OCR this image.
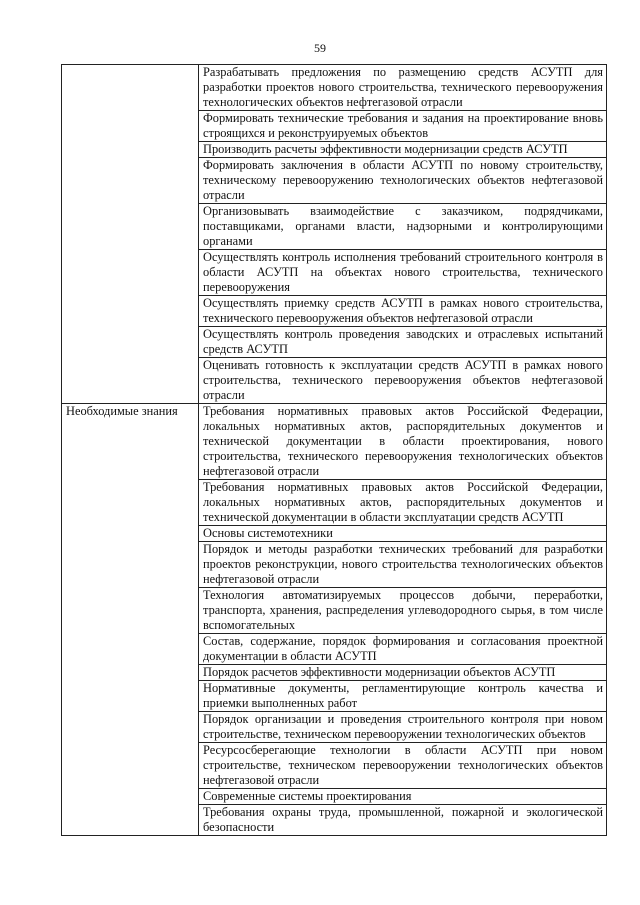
59
	Разрабатывать предложения по размещению средств АСУТП для разработки проектов нового строительства, технического перевооружения технологических объектов нефтегазовой отрасли
	Формировать технические требования и задания на проектирование вновь строящихся и реконструируемых объектов
	Производить расчеты эффективности модернизации средств АСУТП
	Формировать заключения в области АСУТП по новому строительству, техническому перевооружению технологических объектов нефтегазовой отрасли
	Организовывать взаимодействие с заказчиком, подрядчиками, поставщиками, органами власти, надзорными и контролирующими органами
	Осуществлять контроль исполнения требований строительного контроля в области АСУТП на объектах нового строительства, технического перевооружения
	Осуществлять приемку средств АСУТП в рамках нового строительства, технического перевооружения объектов нефтегазовой отрасли
	Осуществлять контроль проведения заводских и отраслевых испытаний средств АСУТП
	Оценивать готовность к эксплуатации средств АСУТП в рамках нового строительства, технического перевооружения объектов нефтегазовой отрасли
Необходимые знания	Требования нормативных правовых актов Российской Федерации, локальных нормативных актов, распорядительных документов и технической документации в области проектирования, нового строительства, технического перевооружения технологических объектов нефтегазовой отрасли
	Требования нормативных правовых актов Российской Федерации, локальных нормативных актов, распорядительных документов и технической документации в области эксплуатации средств АСУТП
	Основы системотехники
	Порядок и методы разработки технических требований для разработки проектов реконструкции, нового строительства технологических объектов нефтегазовой отрасли
	Технология автоматизируемых процессов добычи, переработки, транспорта, хранения, распределения углеводородного сырья, в том числе вспомогательных
	Состав, содержание, порядок формирования и согласования проектной документации в области АСУТП
	Порядок расчетов эффективности модернизации объектов АСУТП
	Нормативные документы, регламентирующие контроль качества и приемки выполненных работ
	Порядок организации и проведения строительного контроля при новом строительстве, техническом перевооружении технологических объектов
	Ресурсосберегающие технологии в области АСУТП при новом строительстве, техническом перевооружении технологических объектов нефтегазовой отрасли
	Современные системы проектирования
	Требования охраны труда, промышленной, пожарной и экологической безопасности
